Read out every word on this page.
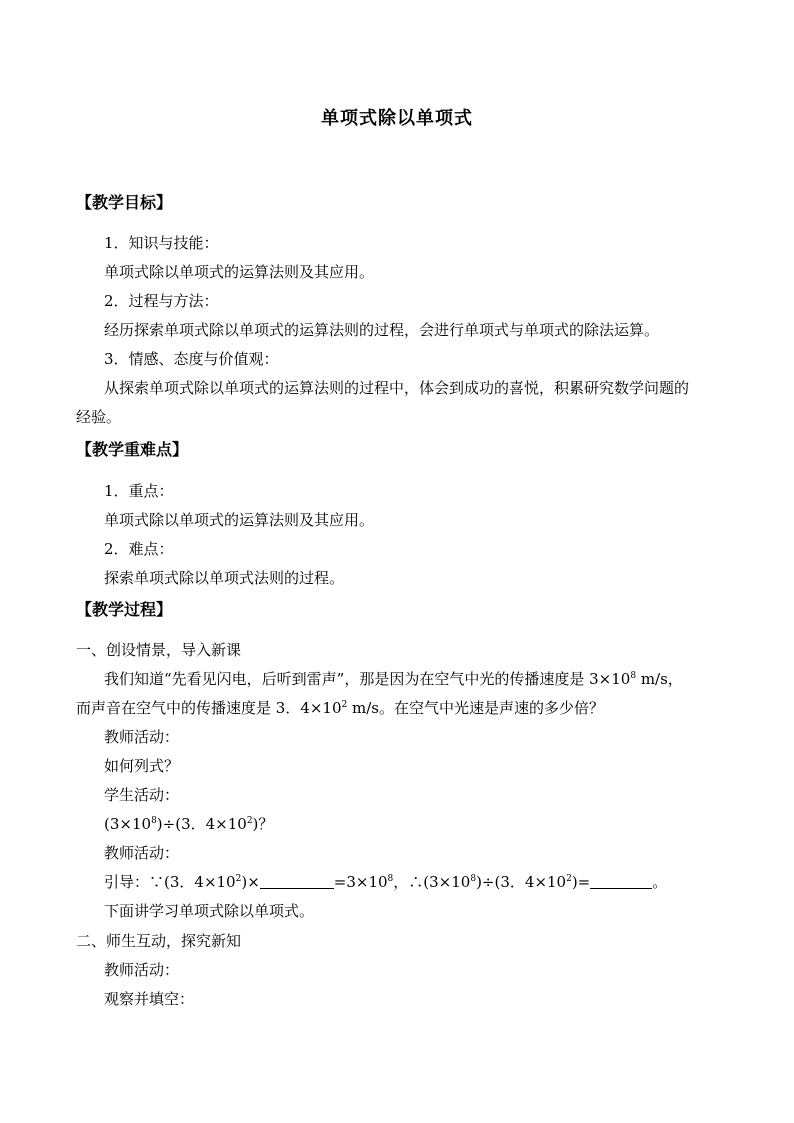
单项式除以单项式
【教学目标】
1．知识与技能：
单项式除以单项式的运算法则及其应用。
2．过程与方法：
经历探索单项式除以单项式的运算法则的过程，会进行单项式与单项式的除法运算。
3．情感、态度与价值观：
从探索单项式除以单项式的运算法则的过程中，体会到成功的喜悦，积累研究数学问题的
经验。
【教学重难点】
1．重点：
单项式除以单项式的运算法则及其应用。
2．难点：
探索单项式除以单项式法则的过程。
【教学过程】
一、创设情景，导入新课
我们知道“先看见闪电，后听到雷声”，那是因为在空气中光的传播速度是 $3\times 10^8$ m/s，
而声音在空气中的传播速度是 3．$4\times 10^2$ m/s。在空气中光速是声速的多少倍？
教师活动：
如何列式？
学生活动：
$(3\times 10^8)\div(3$．$4\times 10^2$)？
教师活动：
引导：∵(3．$4\times 10^2)\times$	$=3\times 10^8$，$\therefore(3\times 10^8)\div(3$．$4\times 10^2)=$	。
下面讲学习单项式除以单项式。
二、师生互动，探究新知
教师活动：
观察并填空：
